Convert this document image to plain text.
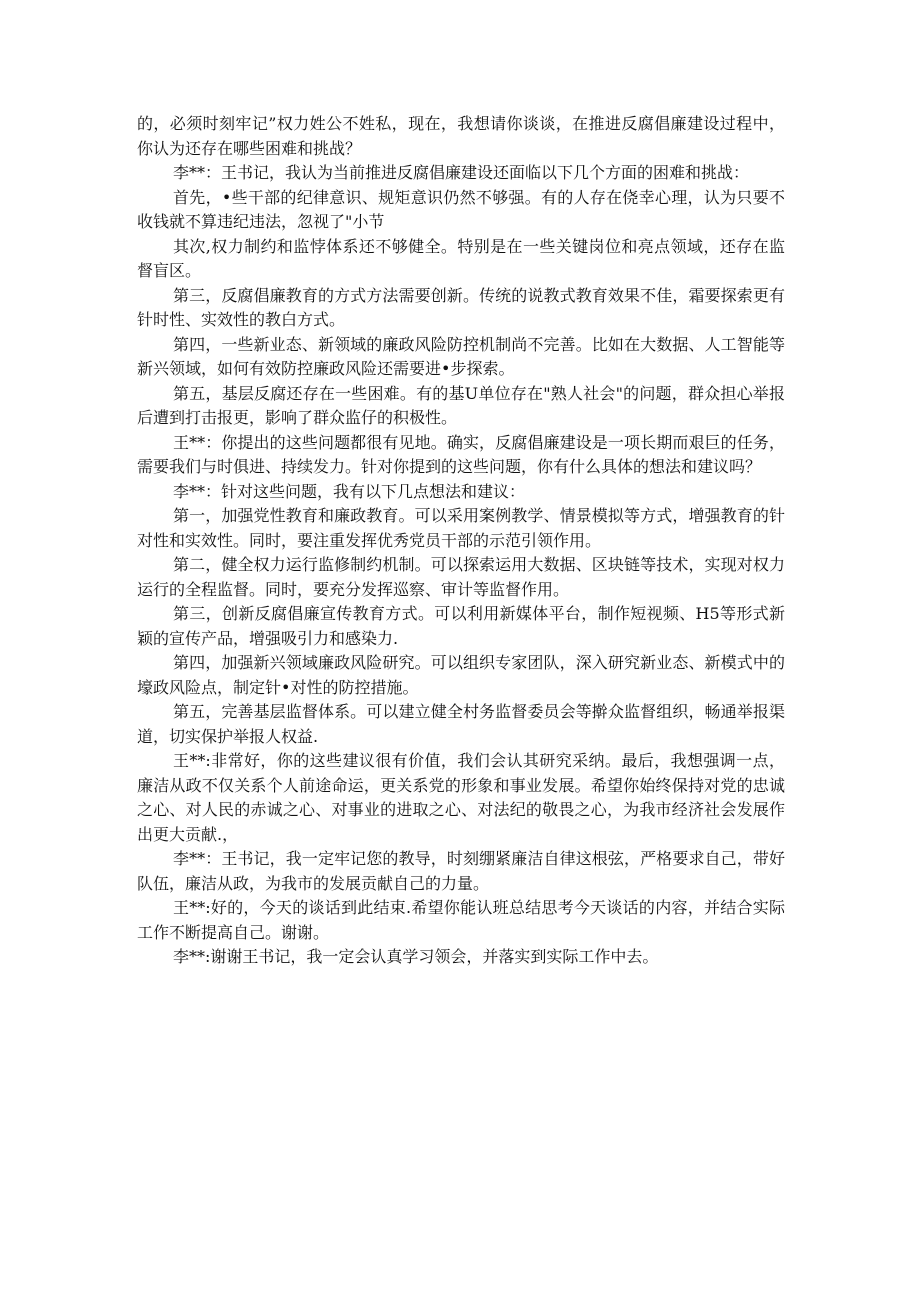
的，必须时刻牢记”权力姓公不姓私，现在，我想请你谈谈，在推进反腐倡廉建设过程中，你认为还存在哪些困难和挑战？

李**：王书记，我认为当前推进反腐倡廉建设还面临以下几个方面的困难和挑战：

首先，•些干部的纪律意识、规矩意识仍然不够强。有的人存在侥幸心理，认为只要不收钱就不算违纪违法，忽视了"小节

其次,权力制约和监悖体系还不够健全。特别是在一些关键岗位和亮点领域，还存在监督盲区。

第三，反腐倡廉教育的方式方法需要创新。传统的说教式教育效果不佳，霜要探索更有针时性、实效性的教白方式。

第四，一些新业态、新领域的廉政风险防控机制尚不完善。比如在大数据、人工智能等新兴领域，如何有效防控廉政风险还需要进•步探索。

第五，基层反腐还存在一些困难。有的基U单位存在"熟人社会"的问题，群众担心举报后遭到打击报更，影响了群众监仔的积极性。

王**：你提出的这些问题都很有见地。确实，反腐倡廉建设是一项长期而艰巨的任务，需要我们与时俱进、持续发力。针对你提到的这些问题，你有什么具体的想法和建议吗？

李**：针对这些问题，我有以下几点想法和建议：

第一，加强党性教育和廉政教育。可以采用案例教学、情景模拟等方式，增强教育的针对性和实效性。同时，要注重发挥优秀党员干部的示范引领作用。

第二，健全权力运行监修制约机制。可以探索运用大数据、区块链等技术，实现对权力运行的全程监督。同时，要充分发挥巡察、审计等监督作用。

第三，创新反腐倡廉宣传教育方式。可以利用新媒体平台，制作短视频、H5等形式新颖的宣传产品，增强吸引力和感染力.

第四，加强新兴领域廉政风险研究。可以组织专家团队，深入研究新业态、新模式中的壕政风险点，制定针•对性的防控措施。

第五，完善基层监督体系。可以建立健全村务监督委员会等擀众监督组织，畅通举报渠道，切实保护举报人权益.

王**:非常好，你的这些建议很有价值，我们会认其研究采纳。最后，我想强调一点，廉洁从政不仅关系个人前途命运，更关系党的形象和事业发展。希望你始终保持对党的忠诚之心、对人民的赤诚之心、对事业的进取之心、对法纪的敬畏之心，为我市经济社会发展作出更大贡献.，

李**：王书记，我一定牢记您的教导，时刻绷紧廉洁自律这根弦，严格要求自己，带好队伍，廉洁从政，为我市的发展贡献自己的力量。

王**:好的，今天的谈话到此结束.希望你能认班总结思考今天谈话的内容，并结合实际工作不断提高自己。谢谢。

李**:谢谢王书记，我一定会认真学习领会，并落实到实际工作中去。
